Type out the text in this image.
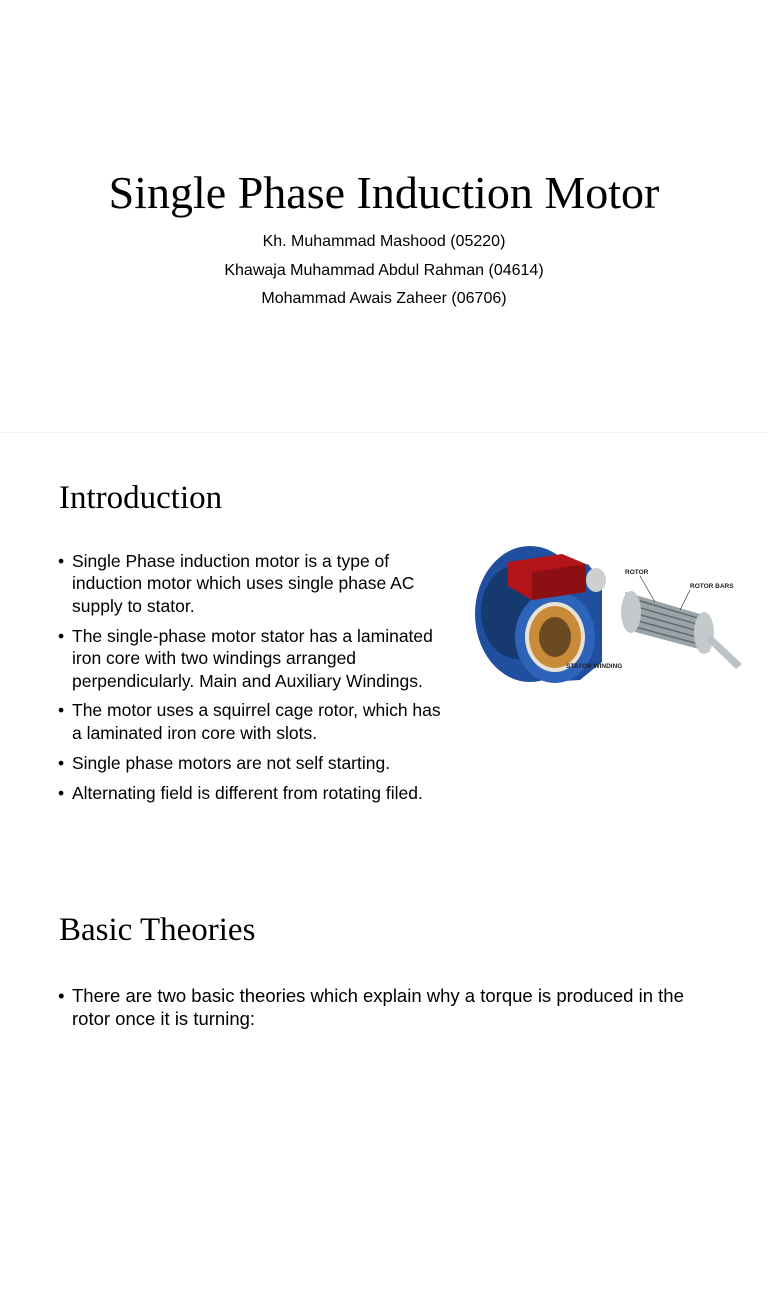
Single Phase Induction Motor
Kh. Muhammad Mashood (05220)
Khawaja Muhammad Abdul Rahman (04614)
Mohammad Awais Zaheer (06706)
Introduction
• Single Phase induction motor is a type of induction motor which uses single phase AC supply to stator.
• The single-phase motor stator has a laminated iron core with two windings arranged perpendicularly. Main and Auxiliary Windings.
• The motor uses a squirrel cage rotor, which has a laminated iron core with slots.
• Single phase motors are not self starting.
• Alternating field is different from rotating filed.
ROTOR
ROTOR BARS
STATOR WINDING
Basic Theories
• There are two basic theories which explain why a torque is produced in the rotor once it is turning:
